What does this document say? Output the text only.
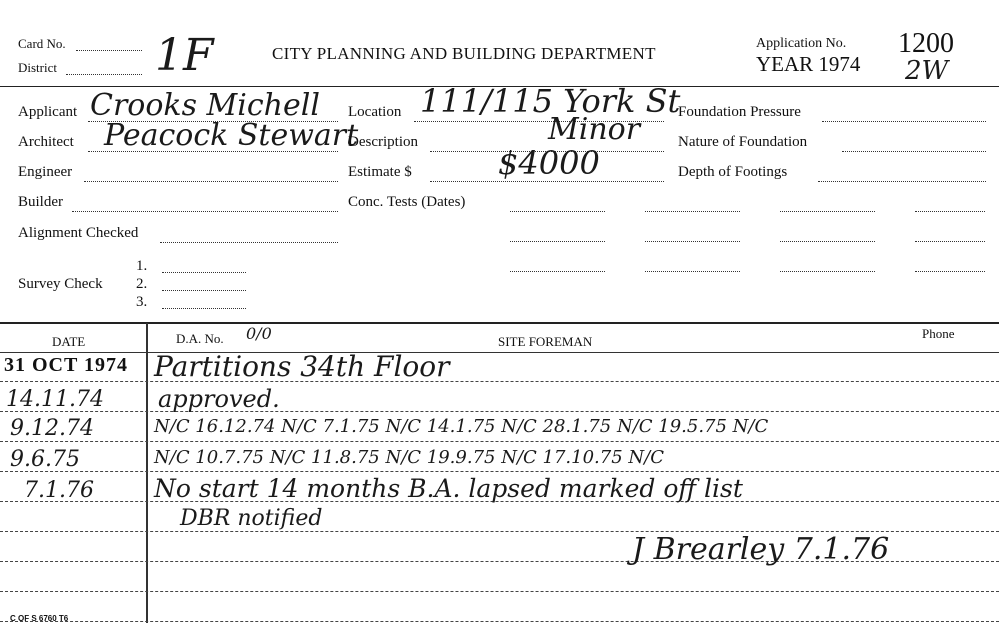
Card No.
District 1F	CITY PLANNING AND BUILDING DEPARTMENT
Application No.
YEAR 1974
1200
2W
Applicant Crooks Michell
Architect Peacock Stewart
Engineer
Builder
Alignment Checked
Survey Check
1.
2.
3.
Location 111/115 York St
Description	Minor
Estimate $	$4000
Conc. Tests (Dates)
Foundation Pressure
Nature of Foundation
Depth of Footings
DATE	D.A. No. 0/0	SITE FOREMAN
Phone
31 OCT 1974 Partitions 34th Floor
14.11.74 approved.
9.12.74	N/C 16.12.74 N/C 7.1.75 N/C 14.1.75 N/C 28.1.75 N/C 19.5.75 N/C
9.6.75	N/C 10.7.75 N/C 11.8.75 N/C 19.9.75 N/C 17.10.75 N/C
7.1.76 No start 14 months B.A. lapsed marked off list
DBR notified
J Brearley 7.1.76
C OF S 6760 T6
